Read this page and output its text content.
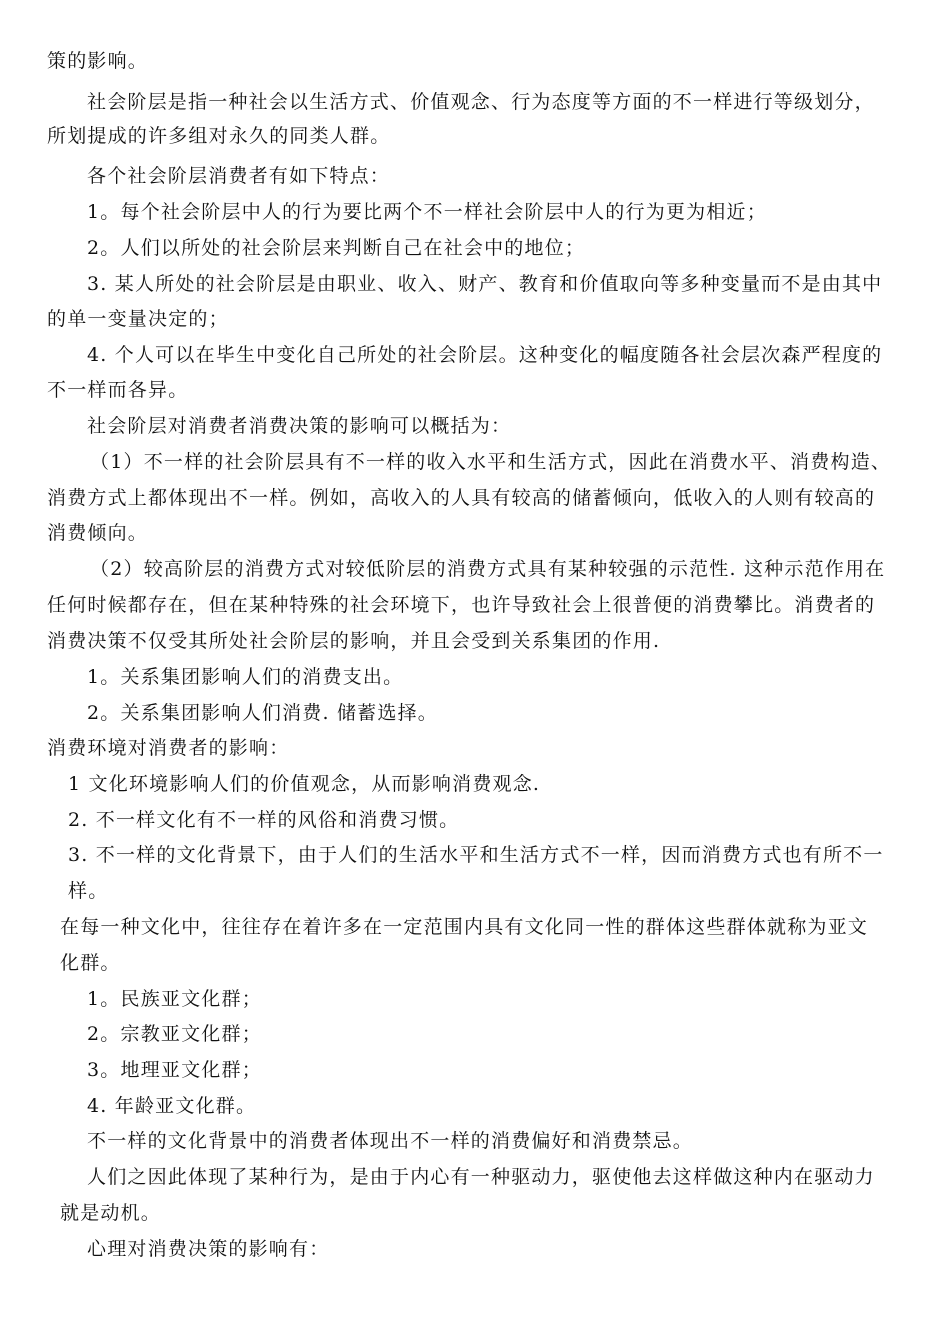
策的影响。
社会阶层是指一种社会以生活方式、价值观念、行为态度等方面的不一样进行等级划分，
所划提成的许多组对永久的同类人群。
各个社会阶层消费者有如下特点：
1。每个社会阶层中人的行为要比两个不一样社会阶层中人的行为更为相近；
2。人们以所处的社会阶层来判断自己在社会中的地位；
3. 某人所处的社会阶层是由职业、收入、财产、教育和价值取向等多种变量而不是由其中
的单一变量决定的；
4. 个人可以在毕生中变化自己所处的社会阶层。这种变化的幅度随各社会层次森严程度的
不一样而各异。
社会阶层对消费者消费决策的影响可以概括为：
（1）不一样的社会阶层具有不一样的收入水平和生活方式，因此在消费水平、消费构造、
消费方式上都体现出不一样。例如，高收入的人具有较高的储蓄倾向，低收入的人则有较高的
消费倾向。
（2）较高阶层的消费方式对较低阶层的消费方式具有某种较强的示范性. 这种示范作用在
任何时候都存在，但在某种特殊的社会环境下，也许导致社会上很普便的消费攀比。消费者的
消费决策不仅受其所处社会阶层的影响，并且会受到关系集团的作用.
1。关系集团影响人们的消费支出。
2。关系集团影响人们消费. 储蓄选择。
消费环境对消费者的影响：
1 文化环境影响人们的价值观念，从而影响消费观念.
2. 不一样文化有不一样的风俗和消费习惯。
3. 不一样的文化背景下，由于人们的生活水平和生活方式不一样，因而消费方式也有所不一
样。
在每一种文化中，往往存在着许多在一定范围内具有文化同一性的群体这些群体就称为亚文
化群。
1。民族亚文化群；
2。宗教亚文化群；
3。地理亚文化群；
4. 年龄亚文化群。
不一样的文化背景中的消费者体现出不一样的消费偏好和消费禁忌。
人们之因此体现了某种行为，是由于内心有一种驱动力，驱使他去这样做这种内在驱动力
就是动机。
心理对消费决策的影响有：
